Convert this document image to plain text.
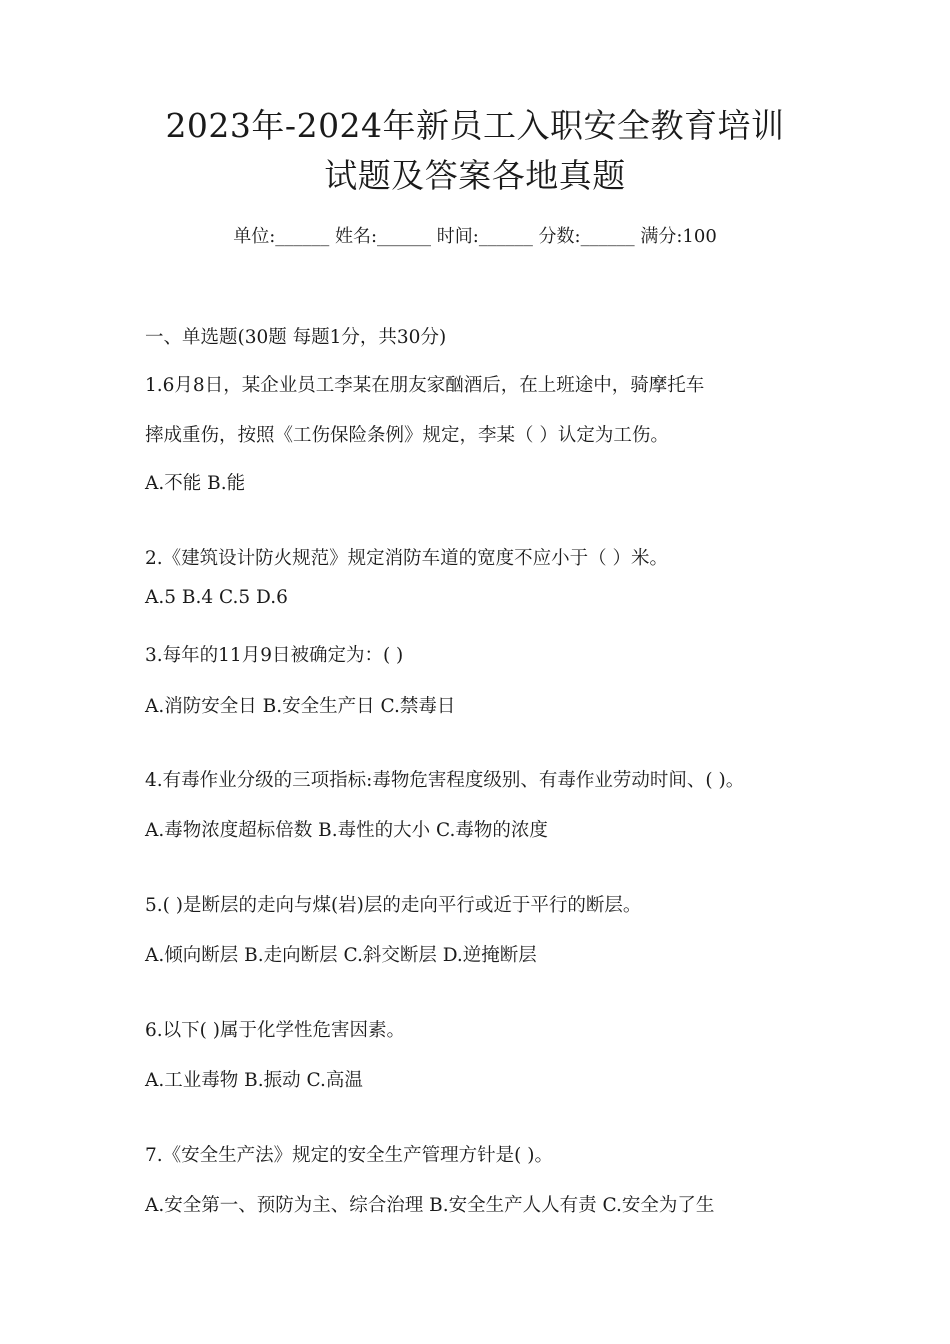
2023年-2024年新员工入职安全教育培训
试题及答案各地真题
单位:______ 姓名:______ 时间:______ 分数:______ 满分:100
一、单选题(30题 每题1分，共30分)
1.6月8日，某企业员工李某在朋友家酗酒后，在上班途中，骑摩托车
摔成重伤，按照《工伤保险条例》规定，李某（ ）认定为工伤。
A.不能 B.能
2.《建筑设计防火规范》规定消防车道的宽度不应小于（ ）米。
A.5 B.4 C.5 D.6
3.每年的11月9日被确定为：( )
A.消防安全日 B.安全生产日 C.禁毒日
4.有毒作业分级的三项指标:毒物危害程度级别、有毒作业劳动时间、( )。
A.毒物浓度超标倍数 B.毒性的大小 C.毒物的浓度
5.( )是断层的走向与煤(岩)层的走向平行或近于平行的断层。
A.倾向断层 B.走向断层 C.斜交断层 D.逆掩断层
6.以下( )属于化学性危害因素。
A.工业毒物 B.振动 C.高温
7.《安全生产法》规定的安全生产管理方针是( )。
A.安全第一、预防为主、综合治理 B.安全生产人人有责 C.安全为了生
